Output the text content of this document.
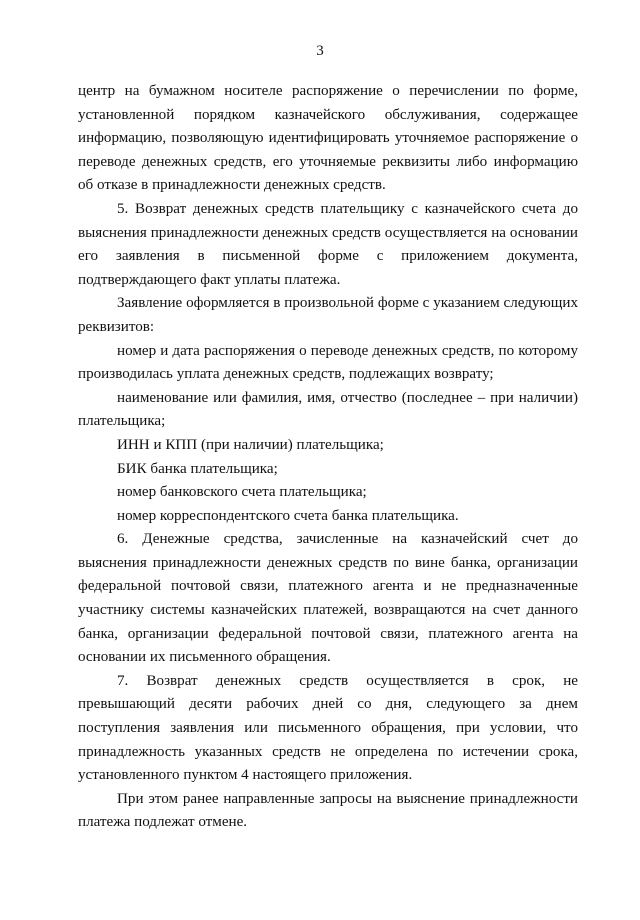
3

центр на бумажном носителе распоряжение о перечислении по форме, установленной порядком казначейского обслуживания, содержащее информацию, позволяющую идентифицировать уточняемое распоряжение о переводе денежных средств, его уточняемые реквизиты либо информацию об отказе в принадлежности денежных средств.

5. Возврат денежных средств плательщику с казначейского счета до выяснения принадлежности денежных средств осуществляется на основании его заявления в письменной форме с приложением документа, подтверждающего факт уплаты платежа.

Заявление оформляется в произвольной форме с указанием следующих реквизитов:

номер и дата распоряжения о переводе денежных средств, по которому производилась уплата денежных средств, подлежащих возврату;

наименование или фамилия, имя, отчество (последнее – при наличии) плательщика;

ИНН и КПП (при наличии) плательщика;

БИК банка плательщика;

номер банковского счета плательщика;

номер корреспондентского счета банка плательщика.

6. Денежные средства, зачисленные на казначейский счет до выяснения принадлежности денежных средств по вине банка, организации федеральной почтовой связи, платежного агента и не предназначенные участнику системы казначейских платежей, возвращаются на счет данного банка, организации федеральной почтовой связи, платежного агента на основании их письменного обращения.

7. Возврат денежных средств осуществляется в срок, не превышающий десяти рабочих дней со дня, следующего за днем поступления заявления или письменного обращения, при условии, что принадлежность указанных средств не определена по истечении срока, установленного пунктом 4 настоящего приложения.

При этом ранее направленные запросы на выяснение принадлежности платежа подлежат отмене.
